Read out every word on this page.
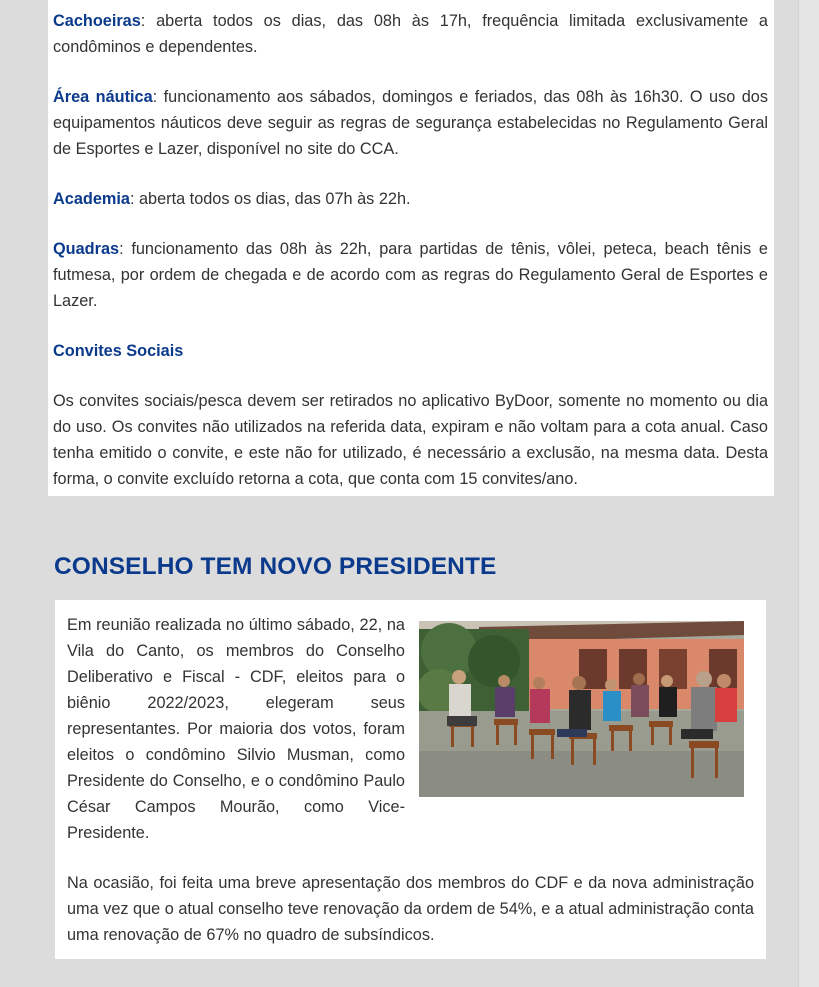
Cachoeiras: aberta todos os dias, das 08h às 17h, frequência limitada exclusivamente a condôminos e dependentes.

Área náutica: funcionamento aos sábados, domingos e feriados, das 08h às 16h30. O uso dos equipamentos náuticos deve seguir as regras de segurança estabelecidas no Regulamento Geral de Esportes e Lazer, disponível no site do CCA.

Academia: aberta todos os dias, das 07h às 22h.

Quadras: funcionamento das 08h às 22h, para partidas de tênis, vôlei, peteca, beach tênis e futmesa, por ordem de chegada e de acordo com as regras do Regulamento Geral de Esportes e Lazer.

Convites Sociais

Os convites sociais/pesca devem ser retirados no aplicativo ByDoor, somente no momento ou dia do uso. Os convites não utilizados na referida data, expiram e não voltam para a cota anual. Caso tenha emitido o convite, e este não for utilizado, é necessário a exclusão, na mesma data. Desta forma, o convite excluído retorna a cota, que conta com 15 convites/ano.

CONSELHO TEM NOVO PRESIDENTE
Em reunião realizada no último sábado, 22, na Vila do Canto, os membros do Conselho Deliberativo e Fiscal - CDF, eleitos para o biênio 2022/2023, elegeram seus representantes. Por maioria dos votos, foram eleitos o condômino Silvio Musman, como Presidente do Conselho, e o condômino Paulo César Campos Mourão, como Vice-Presidente.
Na ocasião, foi feita uma breve apresentação dos membros do CDF e da nova administração uma vez que o atual conselho teve renovação da ordem de 54%, e a atual administração conta uma renovação de 67% no quadro de subsíndicos.
